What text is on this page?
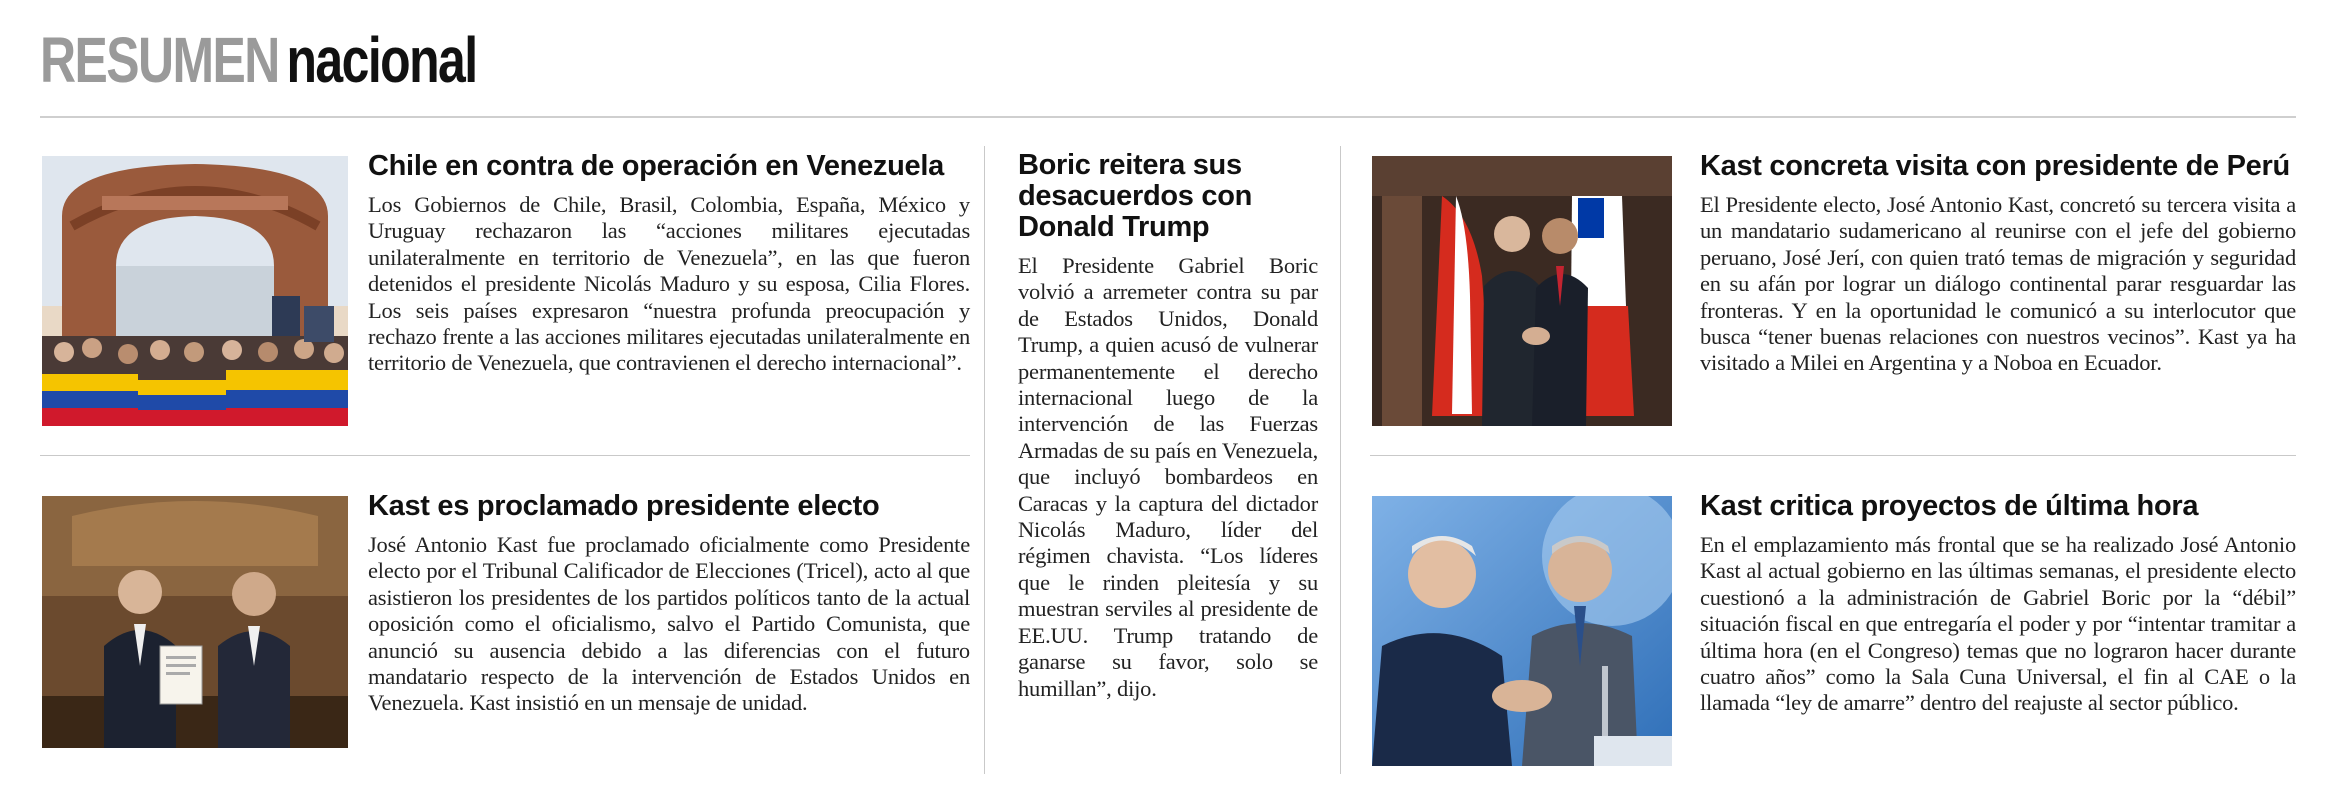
RESUMEN nacional
Chile en contra de operación en Venezuela

Los Gobiernos de Chile, Brasil, Colombia, España, México y Uruguay rechazaron las “acciones militares ejecutadas unilateralmente en territorio de Venezuela”, en las que fueron detenidos el presidente Nicolás Maduro y su esposa, Cilia Flores. Los seis países expresaron “nuestra profunda preocupación y rechazo frente a las acciones militares ejecutadas unilateralmente en territorio de Venezuela, que contravienen el derecho internacional”.

Kast es proclamado presidente electo

José Antonio Kast fue proclamado oficialmente como Presidente electo por el Tribunal Calificador de Elecciones (Tricel), acto al que asistieron los presidentes de los partidos políticos tanto de la actual oposición como el oficialismo, salvo el Partido Comunista, que anunció su ausencia debido a las diferencias con el futuro mandatario respecto de la intervención de Estados Unidos en Venezuela. Kast insistió en un mensaje de unidad.

Boric reitera sus desacuerdos con Donald Trump

El Presidente Gabriel Boric volvió a arremeter contra su par de Estados Unidos, Donald Trump, a quien acusó de vulnerar permanentemente el derecho internacional luego de la intervención de las Fuerzas Armadas de su país en Venezuela, que incluyó bombardeos en Caracas y la captura del dictador Nicolás Maduro, líder del régimen chavista. “Los líderes que le rinden pleitesía y su muestran serviles al presidente de EE.UU. Trump tratando de ganarse su favor, solo se humillan”, dijo.

Kast concreta visita con presidente de Perú

El Presidente electo, José Antonio Kast, concretó su tercera visita a un mandatario sudamericano al reunirse con el jefe del gobierno peruano, José Jerí, con quien trató temas de migración y seguridad en su afán por lograr un diálogo continental parar resguardar las fronteras. Y en la oportunidad le comunicó a su interlocutor que busca “tener buenas relaciones con nuestros vecinos”. Kast ya ha visitado a Milei en Argentina y a Noboa en Ecuador.

Kast critica proyectos de última hora

En el emplazamiento más frontal que se ha realizado José Antonio Kast al actual gobierno en las últimas semanas, el presidente electo cuestionó a la administración de Gabriel Boric por la “débil” situación fiscal en que entregaría el poder y por “intentar tramitar a última hora (en el Congreso) temas que no lograron hacer durante cuatro años” como la Sala Cuna Universal, el fin al CAE o la llamada “ley de amarre” dentro del reajuste al sector público.
